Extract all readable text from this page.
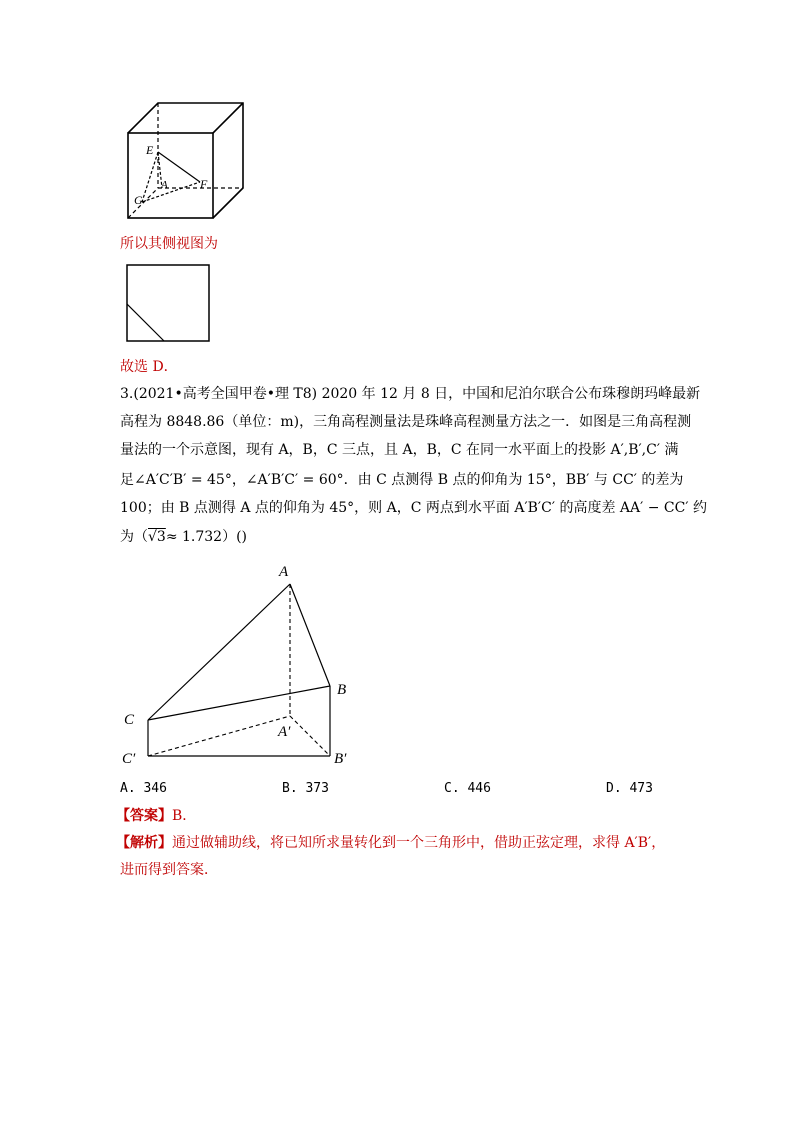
E
A	F
G
所以其侧视图为
故选 D．
3.(2021•高考全国甲卷•理 T8) 2020 年 12 月 8 日，中国和尼泊尔联合公布珠穆朗玛峰最新
高程为 8848.86（单位：m)，三角高程测量法是珠峰高程测量方法之一．如图是三角高程测
量法的一个示意图，现有 A，B，C 三点，且 A，B，C 在同一水平面上的投影 A′,B′,C′ 满
足∠A′C′B′ = 45°，∠A′B′C′ = 60°．由 C 点测得 B 点的仰角为 15°，BB′ 与 CC′ 的差为
100；由 B 点测得 A 点的仰角为 45°，则 A，C 两点到水平面 A′B′C′ 的高度差 AA′ − CC′ 约
为（√3≈ 1.732）()
A
B
C
A′
C′	B′
A. 346	B. 373	C. 446	D. 473
【答案】B．
【解析】通过做辅助线，将已知所求量转化到一个三角形中，借助正弦定理，求得 A′B′，
进而得到答案．
